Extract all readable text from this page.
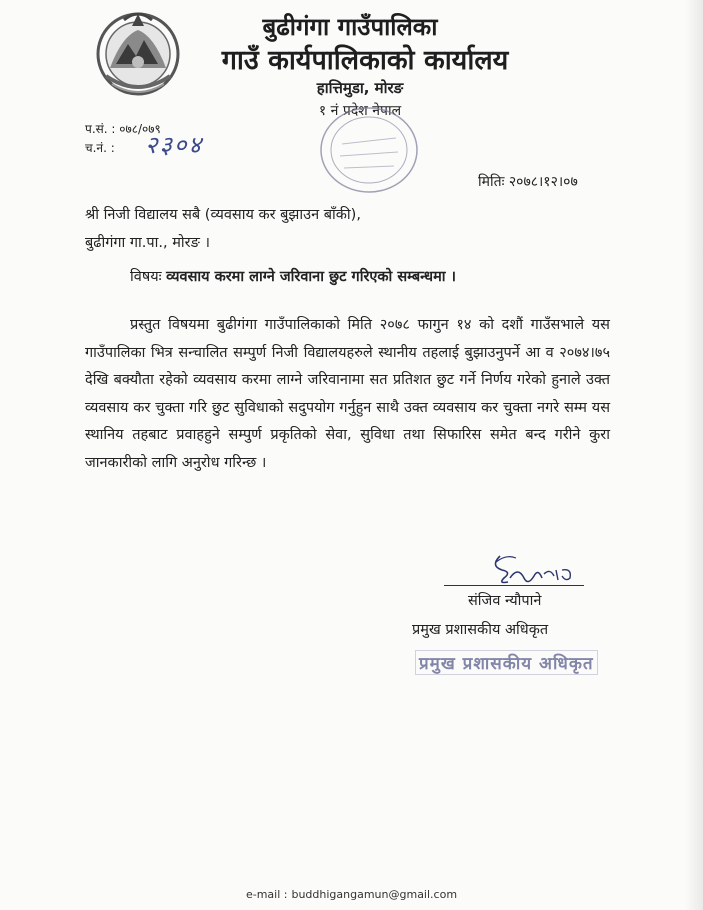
बुढीगंगा गाउँपालिका
गाउँ कार्यपालिकाको कार्यालय
हात्तिमुडा, मोरङ
१ नं प्रदेश नेपाल
प.सं. : ०७८/०७९
च.नं. : २३०४
मितिः २०७८।१२।०७
श्री निजी विद्यालय सबै (व्यवसाय कर बुझाउन बाँकी),
बुढीगंगा गा.पा., मोरङ ।
विषयः व्यवसाय करमा लाग्ने जरिवाना छुट गरिएको सम्बन्धमा ।
प्रस्तुत विषयमा बुढीगंगा गाउँपालिकाको मिति २०७८ फागुन १४ को दशौं गाउँसभाले यस गाउँपालिका भित्र सन्चालित सम्पुर्ण निजी विद्यालयहरुले स्थानीय तहलाई बुझाउनुपर्ने आ व २०७४।७५ देखि बक्यौता रहेको व्यवसाय करमा लाग्ने जरिवानामा सत प्रतिशत छुट गर्ने निर्णय गरेको हुनाले उक्त व्यवसाय कर चुक्ता गरि छुट सुविधाको सदुपयोग गर्नुहुन साथै उक्त व्यवसाय कर चुक्ता नगरे सम्म यस स्थानिय तहबाट प्रवाहहुने सम्पुर्ण प्रकृतिको सेवा, सुविधा तथा सिफारिस समेत बन्द गरीने कुरा जानकारीको लागि अनुरोध गरिन्छ ।
संजिव न्यौपाने
प्रमुख प्रशासकीय अधिकृत
प्रमुख प्रशासकीय अधिकृत
e-mail : buddhigangamun@gmail.com
